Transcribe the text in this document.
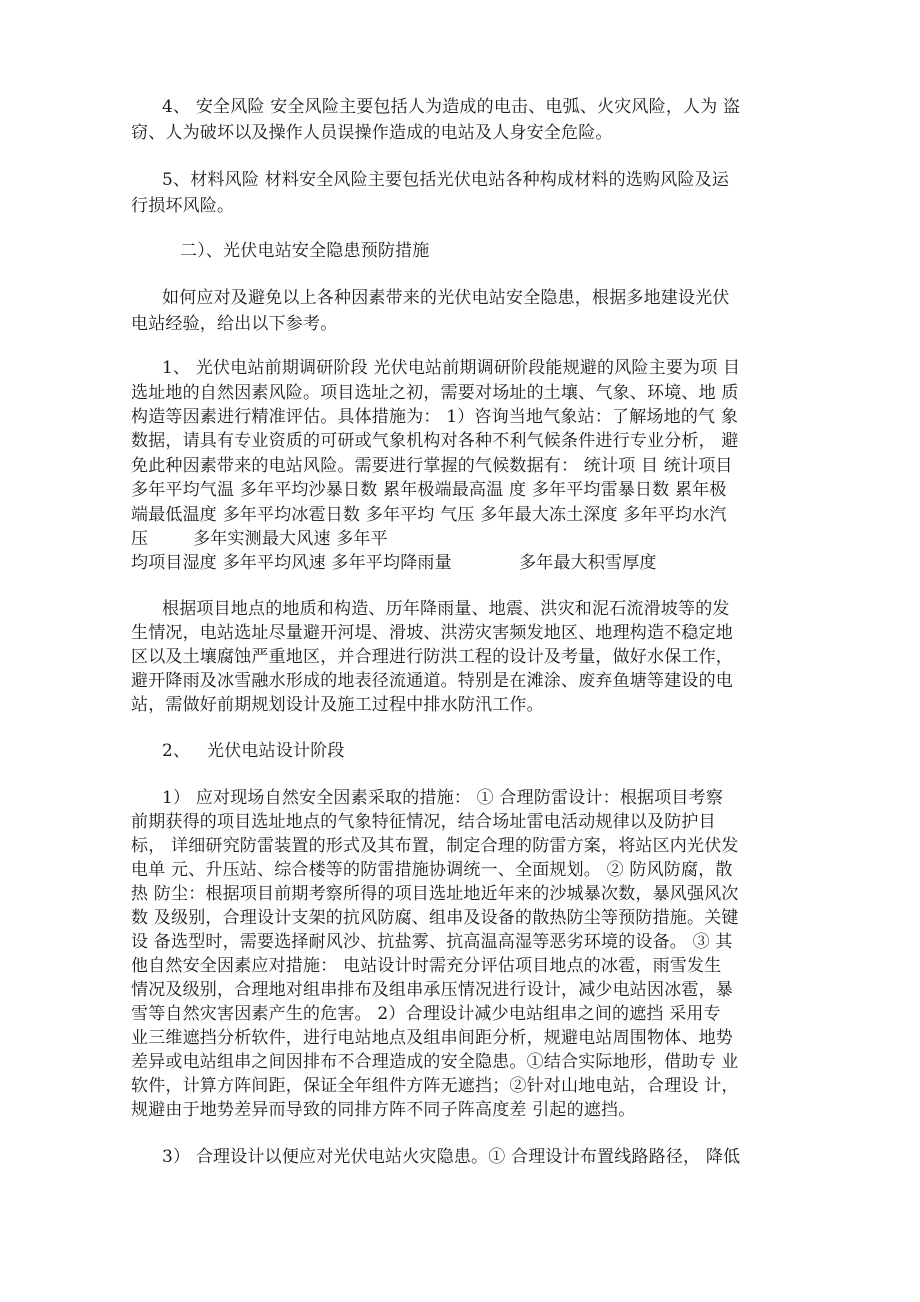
4、 安全风险 安全风险主要包括人为造成的电击、电弧、火灾风险，人为 盗
窃、人为破坏以及操作人员误操作造成的电站及人身安全危险。
5、材料风险 材料安全风险主要包括光伏电站各种构成材料的选购风险及运
行损坏风险。
二）、光伏电站安全隐患预防措施
如何应对及避免以上各种因素带来的光伏电站安全隐患，根据多地建设光伏
电站经验，给出以下参考。
1、 光伏电站前期调研阶段 光伏电站前期调研阶段能规避的风险主要为项 目
选址地的自然因素风险。项目选址之初，需要对场址的土壤、气象、环境、地 质
构造等因素进行精准评估。具体措施为： 1）咨询当地气象站：了解场地的气 象
数据，请具有专业资质的可研或气象机构对各种不利气候条件进行专业分析， 避
免此种因素带来的电站风险。需要进行掌握的气候数据有： 统计项 目 统计项目
多年平均气温 多年平均沙暴日数 累年极端最高温 度 多年平均雷暴日数 累年极
端最低温度 多年平均冰雹日数 多年平均 气压 多年最大冻土深度 多年平均水汽
压        多年实测最大风速 多年平
均项目湿度 多年平均风速 多年平均降雨量            多年最大积雪厚度
根据项目地点的地质和构造、历年降雨量、地震、洪灾和泥石流滑坡等的发
生情况，电站选址尽量避开河堤、滑坡、洪涝灾害频发地区、地理构造不稳定地
区以及土壤腐蚀严重地区，并合理进行防洪工程的设计及考量，做好水保工作，
避开降雨及冰雪融水形成的地表径流通道。特别是在滩涂、废弃鱼塘等建设的电
站，需做好前期规划设计及施工过程中排水防汛工作。
2、   光伏电站设计阶段
1） 应对现场自然安全因素采取的措施： ① 合理防雷设计：根据项目考察
前期获得的项目选址地点的气象特征情况，结合场址雷电活动规律以及防护目
标， 详细研究防雷装置的形式及其布置，制定合理的防雷方案，将站区内光伏发
电单 元、升压站、综合楼等的防雷措施协调统一、全面规划。 ② 防风防腐，散
热 防尘：根据项目前期考察所得的项目选址地近年来的沙城暴次数，暴风强风次
数 及级别，合理设计支架的抗风防腐、组串及设备的散热防尘等预防措施。关键
设 备选型时，需要选择耐风沙、抗盐雾、抗高温高湿等恶劣环境的设备。 ③ 其
他自然安全因素应对措施： 电站设计时需充分评估项目地点的冰雹，雨雪发生
情况及级别，合理地对组串排布及组串承压情况进行设计，减少电站因冰雹，暴
雪等自然灾害因素产生的危害。 2）合理设计减少电站组串之间的遮挡 采用专
业三维遮挡分析软件，进行电站地点及组串间距分析，规避电站周围物体、地势
差异或电站组串之间因排布不合理造成的安全隐患。①结合实际地形，借助专 业
软件，计算方阵间距，保证全年组件方阵无遮挡；②针对山地电站，合理设 计，
规避由于地势差异而导致的同排方阵不同子阵高度差 引起的遮挡。
3） 合理设计以便应对光伏电站火灾隐患。① 合理设计布置线路路径， 降低
